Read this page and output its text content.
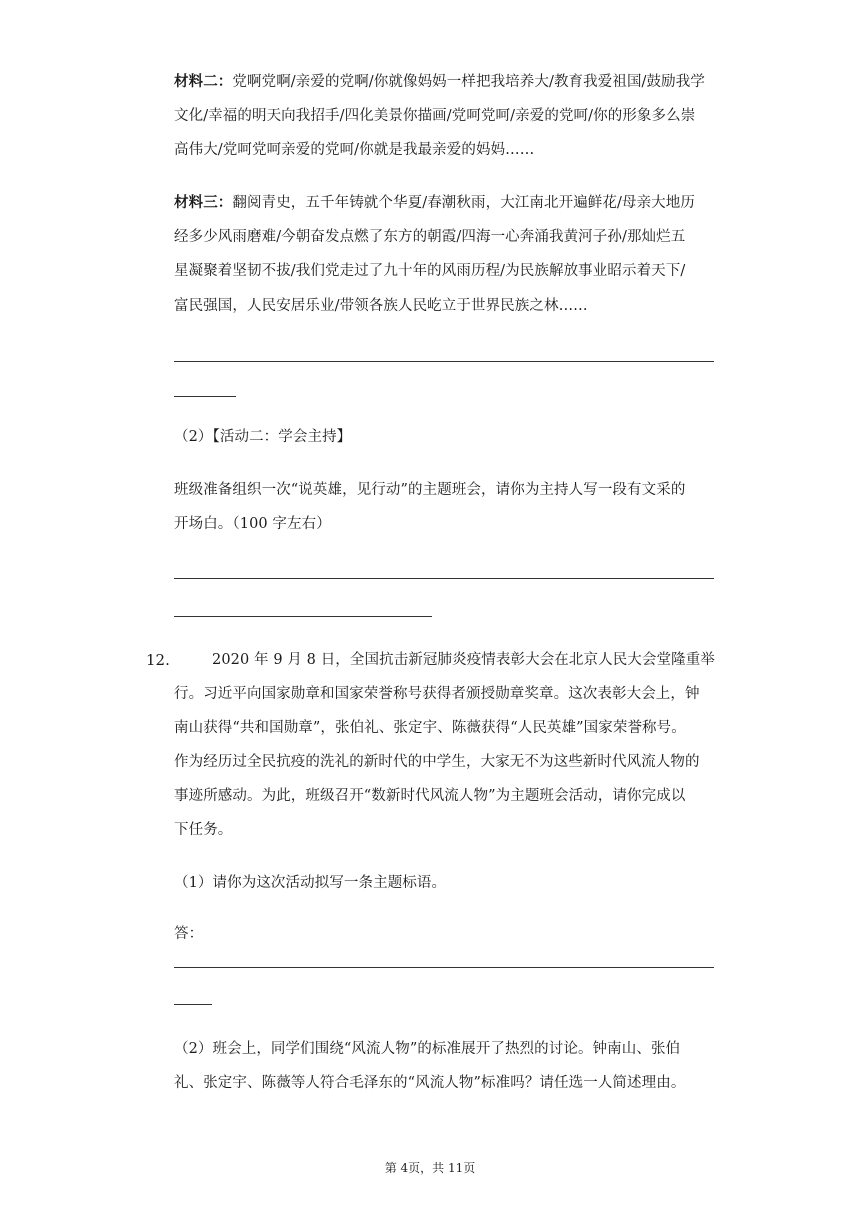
材料二：党啊党啊/亲爱的党啊/你就像妈妈一样把我培养大/教育我爱祖国/鼓励我学
文化/幸福的明天向我招手/四化美景你描画/党呵党呵/亲爱的党呵/你的形象多么崇
高伟大/党呵党呵亲爱的党呵/你就是我最亲爱的妈妈……
材料三：翻阅青史，五千年铸就个华夏/春潮秋雨，大江南北开遍鲜花/母亲大地历
经多少风雨磨难/今朝奋发点燃了东方的朝霞/四海一心奔涌我黄河子孙/那灿烂五
星凝聚着坚韧不拔/我们党走过了九十年的风雨历程/为民族解放事业昭示着天下/
富民强国，人民安居乐业/带领各族人民屹立于世界民族之林……
（2）【活动二：学会主持】
班级准备组织一次“说英雄，见行动”的主题班会，请你为主持人写一段有文采的
开场白。（100 字左右）
12.	2020 年 9 月 8 日，全国抗击新冠肺炎疫情表彰大会在北京人民大会堂隆重举
行。习近平向国家勋章和国家荣誉称号获得者颁授勋章奖章。这次表彰大会上，钟
南山获得“共和国勋章”，张伯礼、张定宇、陈薇获得“人民英雄”国家荣誉称号。
作为经历过全民抗疫的洗礼的新时代的中学生，大家无不为这些新时代风流人物的
事迹所感动。为此，班级召开“数新时代风流人物”为主题班会活动，请你完成以
下任务。
（1）请你为这次活动拟写一条主题标语。
答：
（2）班会上，同学们围绕“风流人物”的标准展开了热烈的讨论。钟南山、张伯
礼、张定宇、陈薇等人符合毛泽东的“风流人物”标准吗？请任选一人简述理由。
第 4页，共 11页
